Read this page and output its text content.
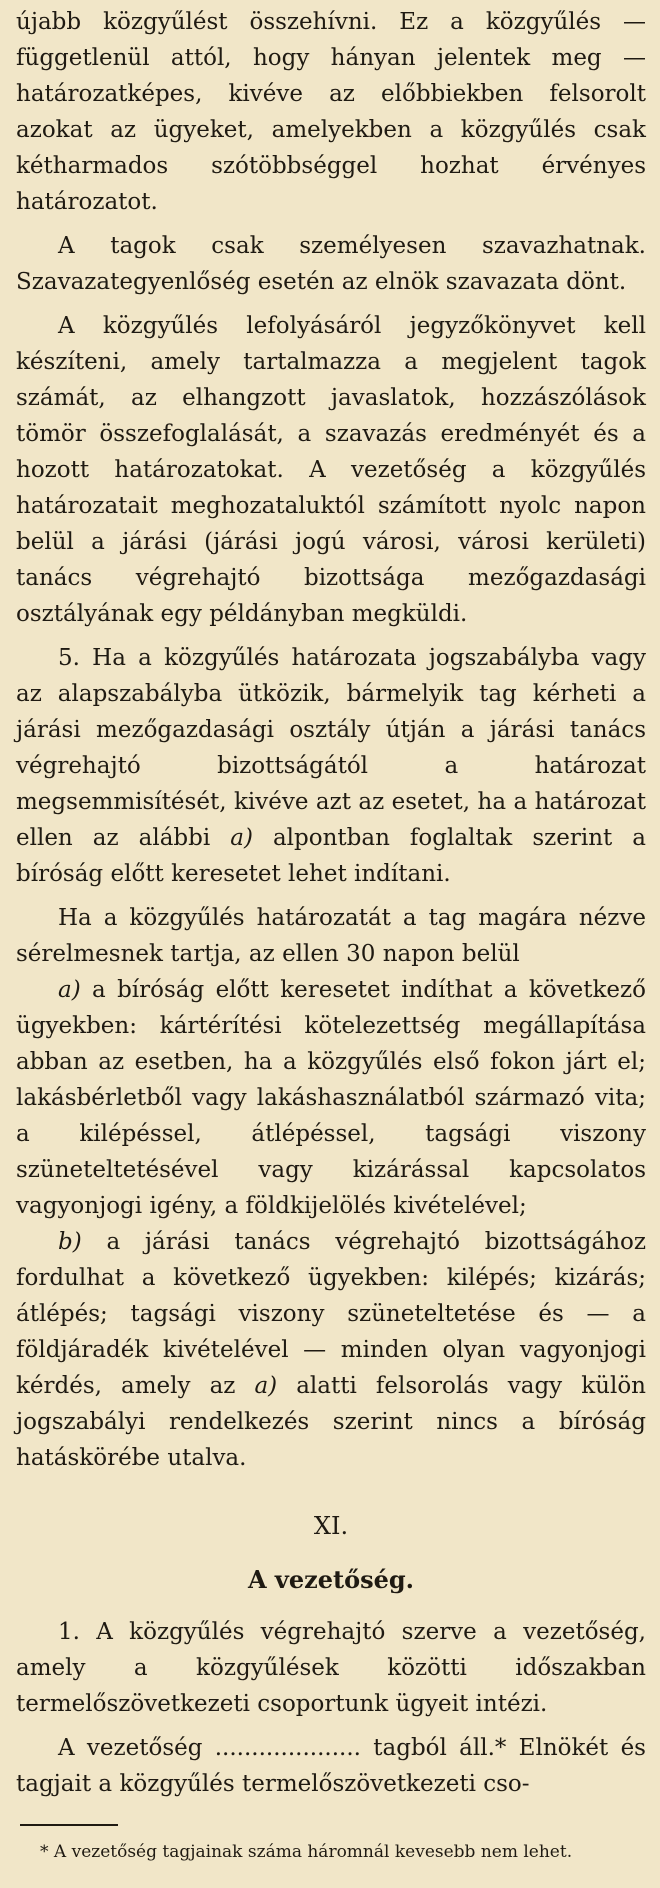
újabb közgyűlést összehívni. Ez a közgyűlés — függetlenül attól, hogy hányan jelentek meg — határozatképes, kivéve az előbbiekben felsorolt azokat az ügyeket, amelyekben a közgyűlés csak kétharmados szótöbbséggel hozhat érvényes határozatot.

A tagok csak személyesen szavazhatnak. Szavazategyenlőség esetén az elnök szavazata dönt.

A közgyűlés lefolyásáról jegyzőkönyvet kell készíteni, amely tartalmazza a megjelent tagok számát, az elhangzott javaslatok, hozzászólások tömör összefoglalását, a szavazás eredményét és a hozott határozatokat. A vezetőség a közgyűlés határozatait meghozataluktól számított nyolc napon belül a járási (járási jogú városi, városi kerületi) tanács végrehajtó bizottsága mezőgazdasági osztályának egy példányban megküldi.

5. Ha a közgyűlés határozata jogszabályba vagy az alapszabályba ütközik, bármelyik tag kérheti a járási mezőgazdasági osztály útján a járási tanács végrehajtó bizottságától a határozat megsemmisítését, kivéve azt az esetet, ha a határozat ellen az alábbi a) alpontban foglaltak szerint a bíróság előtt keresetet lehet indítani.

Ha a közgyűlés határozatát a tag magára nézve sérelmesnek tartja, az ellen 30 napon belül

a) a bíróság előtt keresetet indíthat a következő ügyekben: kártérítési kötelezettség megállapítása abban az esetben, ha a közgyűlés első fokon járt el; lakásbérletből vagy lakáshasználatból származó vita; a kilépéssel, átlépéssel, tagsági viszony szüneteltetésével vagy kizárással kapcsolatos vagyonjogi igény, a földkijelölés kivételével;

b) a járási tanács végrehajtó bizottságához fordulhat a következő ügyekben: kilépés; kizárás; átlépés; tagsági viszony szüneteltetése és — a földjáradék kivételével — minden olyan vagyonjogi kérdés, amely az a) alatti felsorolás vagy külön jogszabályi rendelkezés szerint nincs a bíróság hatáskörébe utalva.

XI.

A vezetőség.

1. A közgyűlés végrehajtó szerve a vezetőség, amely a közgyűlések közötti időszakban termelőszövetkezeti csoportunk ügyeit intézi.

A vezetőség .................... tagból áll.* Elnökét és tagjait a közgyűlés termelőszövetkezeti cso-

* A vezetőség tagjainak száma háromnál kevesebb nem lehet.
